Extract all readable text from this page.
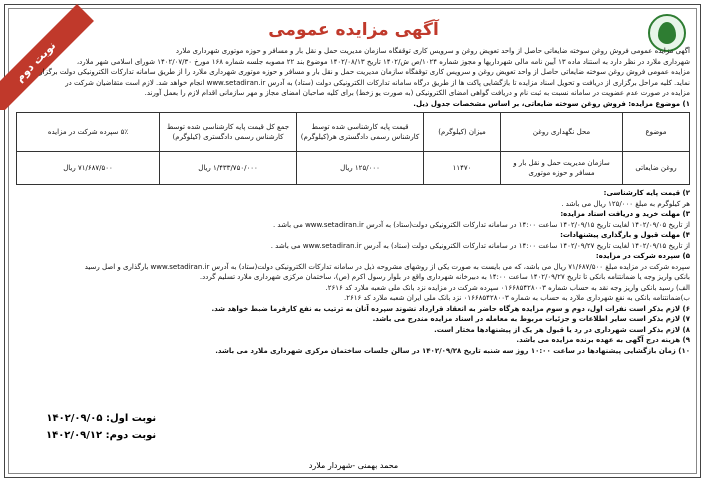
نوبت دوم
آگهی مزایده عمومی

آگهی مزایده عمومی فروش روغن سوخته ضایعاتی حاصل از واحد تعویض روغن و سرویس کاری توقفگاه سازمان مدیریت حمل و نقل بار و مسافر و حوزه موتوری شهرداری ملارد

شهرداری ملارد در نظر دارد به استناد ماده ۱۳ آیین نامه مالی شهرداریها و مجوز شماره ۱۰۲۴/ص ش/۱۴۰۲ تاریخ ۱۴۰۲/۰۸/۱۳ موضوع بند ۲۲ مصوبه جلسه شماره ۱۶۸ مورخ ۱۴۰۲/۰۷/۳۰ شورای اسلامی شهر ملارد،

مزایده عمومی فروش روغن سوخته ضایعاتی حاصل از واحد تعویض روغن و سرویس کاری توقفگاه سازمان مدیریت حمل و نقل بار و مسافر و حوزه موتوری شهرداری ملارد را از طریق سامانه تدارکات الکترونیکی دولت برگزار

نماید. کلیه مراحل برگزاری از دریافت و تحویل اسناد مزایده تا بازگشایی پاکت ها از طریق درگاه سامانه تدارکات الکترونیکی دولت (ستاد) به آدرس www.setadiran.ir انجام خواهد شد. لازم است متقاضیان شرکت در

مزایده در صورت عدم عضویت در سامانه نسبت به ثبت نام و دریافت گواهی امضای الکترونیکی (به صورت یو زخط) برای کلیه صاحبان امضای مجاز و مهر سازمانی اقدام لازم را بعمل آورند.

۱) موضوع مزایده: فروش روغن سوخته ضایعاتی، بر اساس مشخصات جدول ذیل.

موضوع	محل نگهداری روغن	میزان (کیلوگرم)	قیمت پایه کارشناسی شده توسط کارشناس رسمی دادگستری هر(کیلوگرم)	جمع کل قیمت پایه کارشناسی شده توسط کارشناس رسمی دادگستری (کیلوگرم)	۵٪ سپرده شرکت در مزایده
روغن ضایعاتی	سازمان مدیریت حمل و نقل بار و مسافر و حوزه موتوری	۱۱۴۷۰	۱۲۵/۰۰۰ ریال	۱/۴۳۳/۷۵۰/۰۰۰ ریال	۷۱/۶۸۷/۵۰۰ ریال

۲) قیمت پایه کارشناسی:

هر کیلوگرم به مبلغ ۱۲۵/۰۰۰ ریال می باشد .

۳) مهلت خرید و دریافت اسناد مزایده:

از تاریخ ۱۴۰۲/۰۹/۰۵ لغایت تاریخ ۱۴۰۲/۰۹/۱۵ ساعت ۱۴:۰۰ در سامانه تدارکات الکترونیکی دولت(ستاد) به آدرس www.setadiran.ir می باشد .

۴) مهلت قبول و بارگذاری پیشنهادات:

از تاریخ ۱۴۰۲/۰۹/۱۵ لغایت تاریخ ۱۴۰۲/۰۹/۲۷ ساعت ۱۴:۰۰ در سامانه تدارکات الکترونیکی دولت (ستاد) به آدرس www.setadiran.ir می باشد .

۵) سپرده شرکت در مزایده:

سپرده شرکت در مزایده مبلغ ۷۱/۶۸۷/۵۰۰ ریال می باشد، که می بایست به صورت یکی از روشهای مشروحه ذیل در سامانه تدارکات الکترونیکی دولت(ستاد) به آدرس www.setadiran.ir بارگذاری و اصل رسید

بانکی واریز وجه یا ضمانتنامه بانکی تا تاریخ ۱۴۰۲/۰۹/۲۷ ساعت ۱۴:۰۰ به دبیرخانه شهرداری واقع در بلوار رسول اکرم (ص)، ساختمان مرکزی شهرداری ملارد تسلیم گردد.

الف) رسید بانکی واریز وجه نقد به حساب شماره ۰۱۶۶۸۵۴۲۸۰۰۳ سپرده شرکت در مزایده نزد بانک ملی شعبه ملارد کد ۲۶۱۶.

ب)ضمانتنامه بانکی به نفع شهرداری ملارد به حساب به شماره ۰۱۶۶۸۵۴۲۸۰۰۳ نزد بانک ملی ایران شعبه ملارد کد ۲۶۱۶.

۶) لازم بذکر است نفرات اول، دوم و سوم مزایده هرگاه حاضر به انعقاد قرارداد نشوند سپرده آنان به ترتیب به نفع کارفرما ضبط خواهد شد.

۷) لازم بذکر است سایر اطلاعات و جزئیات مربوط به معامله در اسناد مزایده مندرج می باشد.

۸) لازم بذکر است شهرداری در رد یا قبول هر یک از پیشنهادها مختار است.

۹) هزینه درج آگهی به عهده برنده مزایده می باشد.

۱۰) زمان بازگشایی پیشنهادها در ساعت ۱۰:۰۰ روز سه شنبه تاریخ ۱۴۰۲/۰۹/۲۸ در سالن جلسات ساختمان مرکزی شهرداری ملارد می باشد.

نوبت اول: ۱۴۰۲/۰۹/۰۵
نوبت دوم: ۱۴۰۲/۰۹/۱۲
محمد بهمنی -شهردار ملارد
